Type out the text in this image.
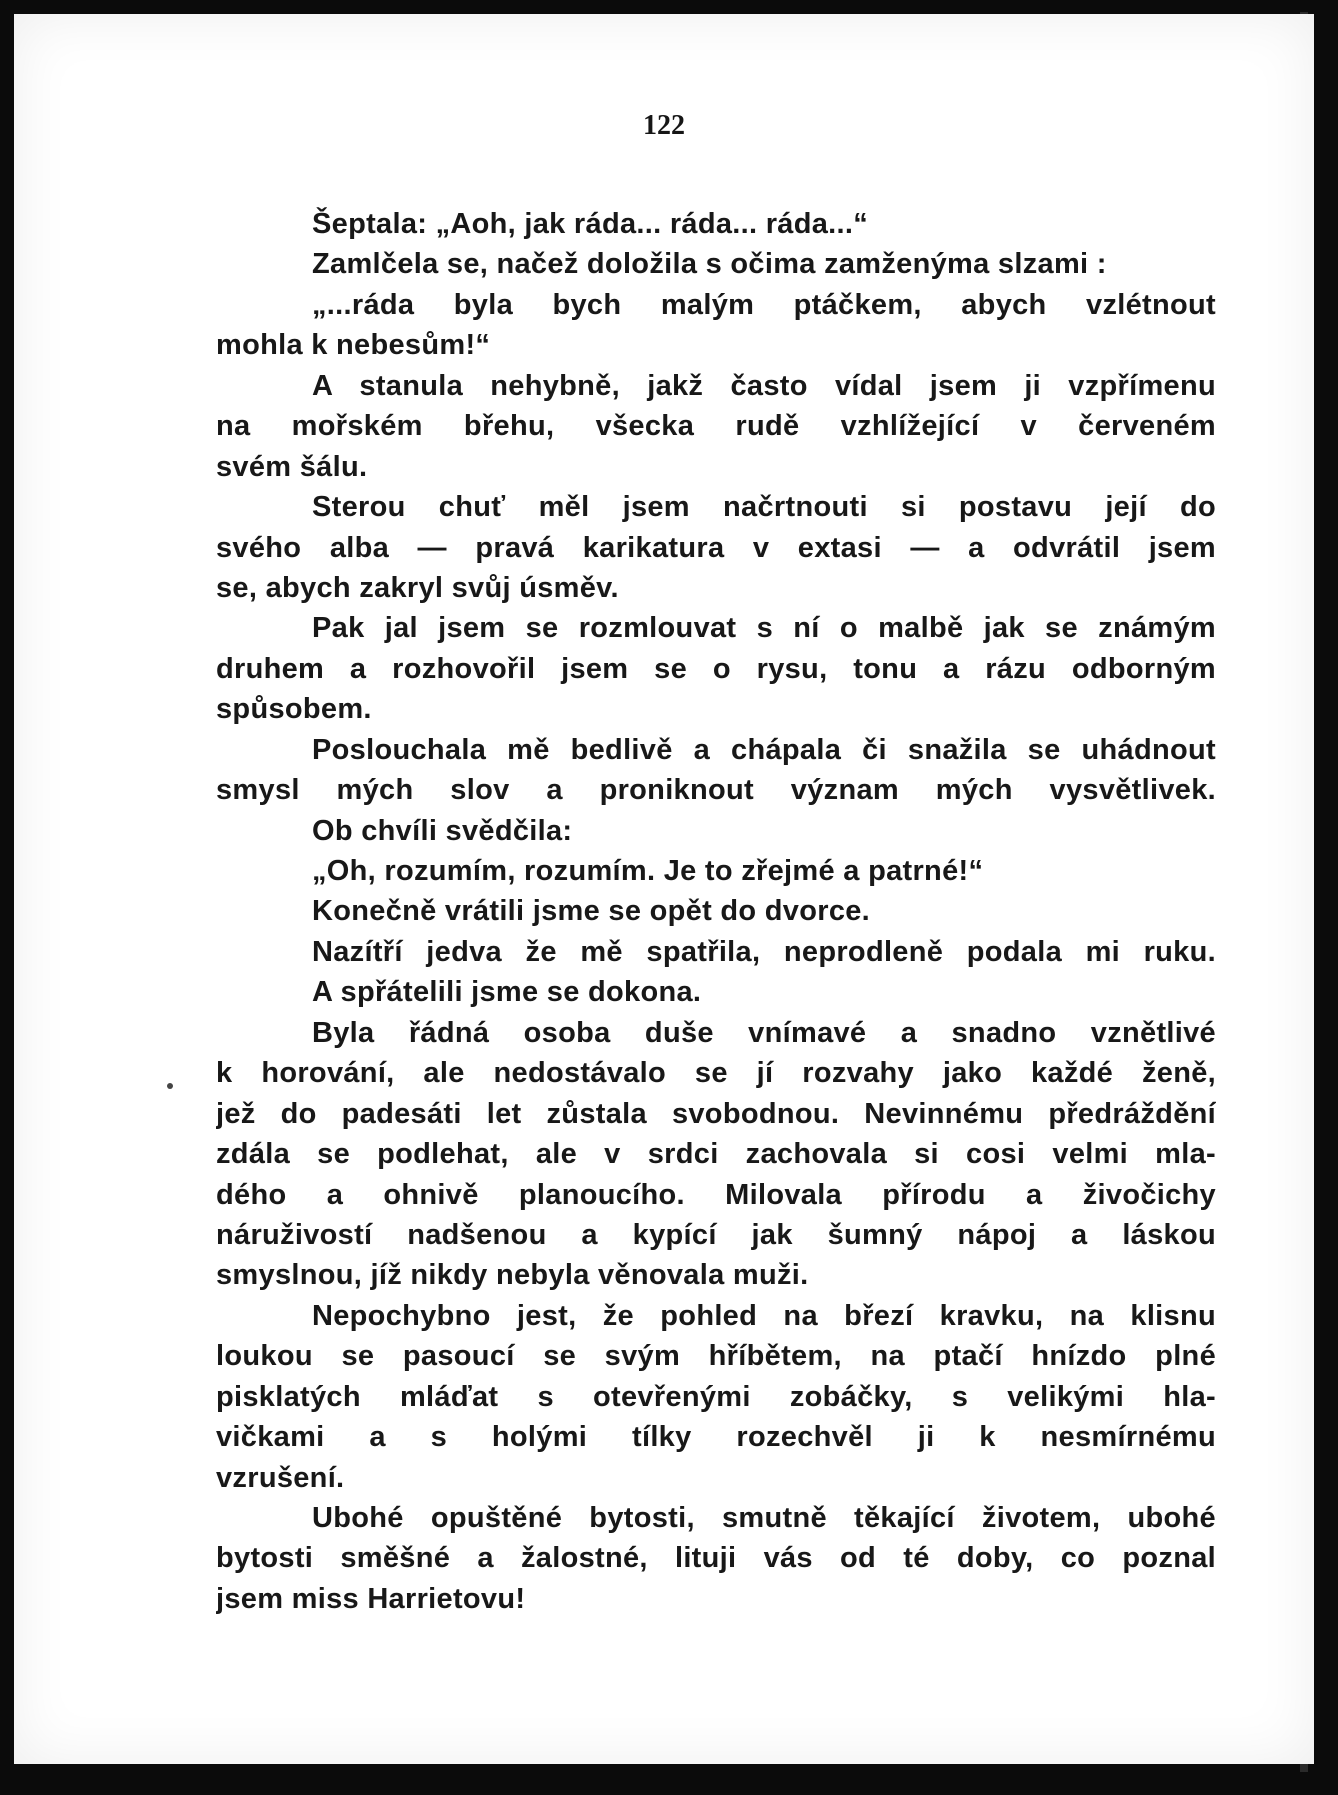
122
Šeptala: „Aoh, jak ráda... ráda... ráda...“
Zamlčela se, načež doložila s očima zamženýma slzami :
„...ráda byla bych malým ptáčkem, abych vzlétnout
mohla k nebesům!“
A stanula nehybně, jakž často vídal jsem ji vzpřímenu
na mořském břehu, všecka rudě vzhlížející v červeném
svém šálu.
Sterou chuť měl jsem načrtnouti si postavu její do
svého alba — pravá karikatura v extasi — a odvrátil jsem
se, abych zakryl svůj úsměv.
Pak jal jsem se rozmlouvat s ní o malbě jak se známým
druhem a rozhovořil jsem se o rysu, tonu a rázu odborným
spůsobem.
Poslouchala mě bedlivě a chápala či snažila se uhádnout
smysl mých slov a proniknout význam mých vysvětlivek.
Ob chvíli svědčila:
„Oh, rozumím, rozumím. Je to zřejmé a patrné!“
Konečně vrátili jsme se opět do dvorce.
Nazítří jedva že mě spatřila, neprodleně podala mi ruku.
A spřátelili jsme se dokona.
Byla řádná osoba duše vnímavé a snadno vznětlivé
k horování, ale nedostávalo se jí rozvahy jako každé ženě,
jež do padesáti let zůstala svobodnou. Nevinnému předráždění
zdála se podlehat, ale v srdci zachovala si cosi velmi mla-
dého a ohnivě planoucího. Milovala přírodu a živočichy
náruživostí nadšenou a kypící jak šumný nápoj a láskou
smyslnou, jíž nikdy nebyla věnovala muži.
Nepochybno jest, že pohled na březí kravku, na klisnu
loukou se pasoucí se svým hříbětem, na ptačí hnízdo plné
pisklatých mláďat s otevřenými zobáčky, s velikými hla-
vičkami a s holými tílky rozechvěl ji k nesmírnému
vzrušení.
Ubohé opuštěné bytosti, smutně těkající životem, ubohé
bytosti směšné a žalostné, lituji vás od té doby, co poznal
jsem miss Harrietovu!
